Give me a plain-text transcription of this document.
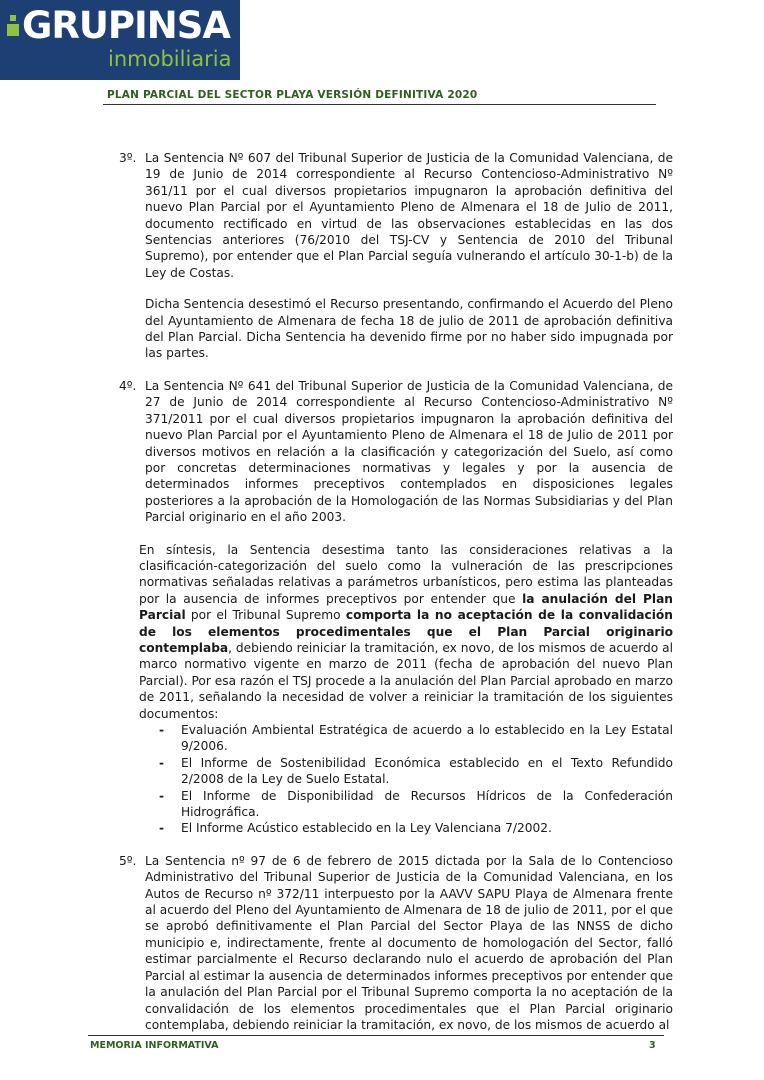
GRUPINSA
inmobiliaria
PLAN PARCIAL DEL SECTOR PLAYA VERSIÓN DEFINITIVA 2020
3º. La Sentencia Nº 607 del Tribunal Superior de Justicia de la Comunidad Valenciana, de 19 de Junio de 2014 correspondiente al Recurso Contencioso-Administrativo Nº 361/11 por el cual diversos propietarios impugnaron la aprobación definitiva del nuevo Plan Parcial por el Ayuntamiento Pleno de Almenara el 18 de Julio de 2011, documento rectificado en virtud de las observaciones establecidas en las dos Sentencias anteriores (76/2010 del TSJ-CV y Sentencia de 2010 del Tribunal Supremo), por entender que el Plan Parcial seguía vulnerando el artículo 30-1-b) de la Ley de Costas.

Dicha Sentencia desestimó el Recurso presentando, confirmando el Acuerdo del Pleno del Ayuntamiento de Almenara de fecha 18 de julio de 2011 de aprobación definitiva del Plan Parcial. Dicha Sentencia ha devenido firme por no haber sido impugnada por las partes.
4º. La Sentencia Nº 641 del Tribunal Superior de Justicia de la Comunidad Valenciana, de 27 de Junio de 2014 correspondiente al Recurso Contencioso-Administrativo Nº 371/2011 por el cual diversos propietarios impugnaron la aprobación definitiva del nuevo Plan Parcial por el Ayuntamiento Pleno de Almenara el 18 de Julio de 2011 por diversos motivos en relación a la clasificación y categorización del Suelo, así como por concretas determinaciones normativas y legales y por la ausencia de determinados informes preceptivos contemplados en disposiciones legales posteriores a la aprobación de la Homologación de las Normas Subsidiarias y del Plan Parcial originario en el año 2003.

En síntesis, la Sentencia desestima tanto las consideraciones relativas a la clasificación-categorización del suelo como la vulneración de las prescripciones normativas señaladas relativas a parámetros urbanísticos, pero estima las planteadas por la ausencia de informes preceptivos por entender que la anulación del Plan Parcial por el Tribunal Supremo comporta la no aceptación de la convalidación de los elementos procedimentales que el Plan Parcial originario contemplaba, debiendo reiniciar la tramitación, ex novo, de los mismos de acuerdo al marco normativo vigente en marzo de 2011 (fecha de aprobación del nuevo Plan Parcial). Por esa razón el TSJ procede a la anulación del Plan Parcial aprobado en marzo de 2011, señalando la necesidad de volver a reiniciar la tramitación de los siguientes documentos:

- Evaluación Ambiental Estratégica de acuerdo a lo establecido en la Ley Estatal 9/2006.
- El Informe de Sostenibilidad Económica establecido en el Texto Refundido 2/2008 de la Ley de Suelo Estatal.
- El Informe de Disponibilidad de Recursos Hídricos de la Confederación Hidrográfica.
- El Informe Acústico establecido en la Ley Valenciana 7/2002.
5º. La Sentencia nº 97 de 6 de febrero de 2015 dictada por la Sala de lo Contencioso Administrativo del Tribunal Superior de Justicia de la Comunidad Valenciana, en los Autos de Recurso nº 372/11 interpuesto por la AAVV SAPU Playa de Almenara frente al acuerdo del Pleno del Ayuntamiento de Almenara de 18 de julio de 2011, por el que se aprobó definitivamente el Plan Parcial del Sector Playa de las NNSS de dicho municipio e, indirectamente, frente al documento de homologación del Sector, falló estimar parcialmente el Recurso declarando nulo el acuerdo de aprobación del Plan Parcial al estimar la ausencia de determinados informes preceptivos por entender que la anulación del Plan Parcial por el Tribunal Supremo comporta la no aceptación de la convalidación de los elementos procedimentales que el Plan Parcial originario contemplaba, debiendo reiniciar la tramitación, ex novo, de los mismos de acuerdo al

MEMORIA INFORMATIVA	3
